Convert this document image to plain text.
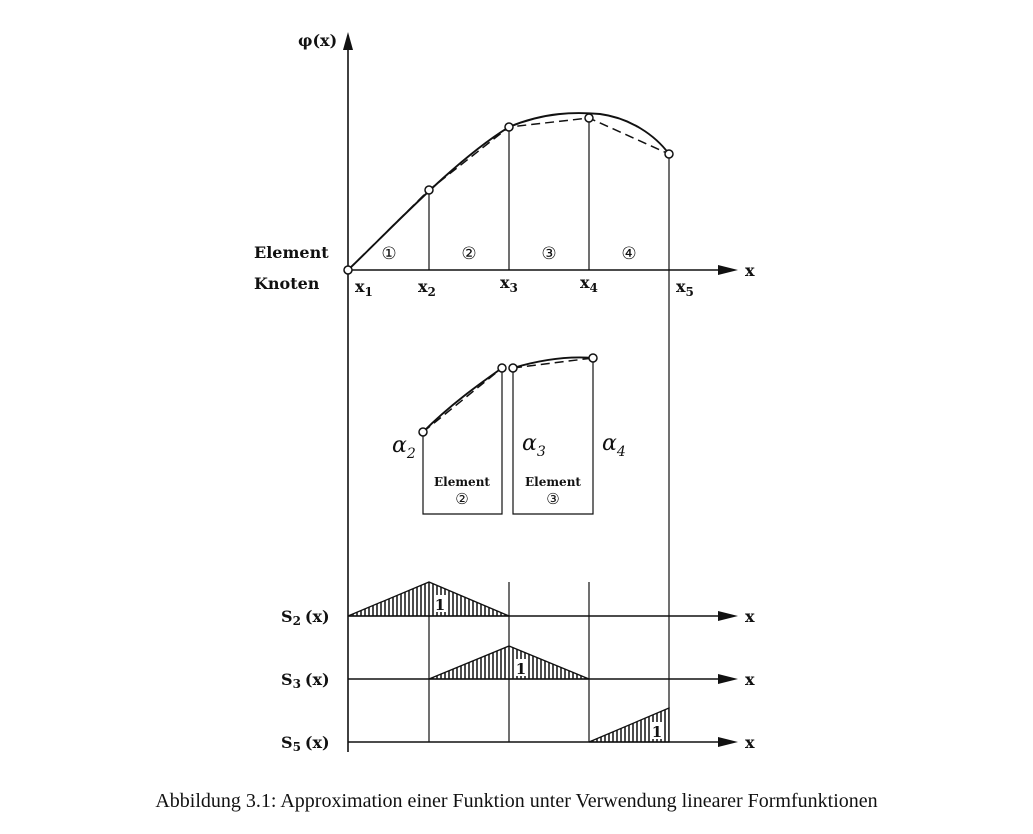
φ(x)
x
Element
Knoten
①	②	③	④
$x_1$	$x_2$	$x_3$	$x_4$	$x_5$
$\alpha_2$	$\alpha_3$	$\alpha_4$
Element
②
Element
③
x
S2 (x)
1
x
S3 (x)
1
x
S5 (x)
1
Abbildung 3.1: Approximation einer Funktion unter Verwendung linearer Formfunktionen
